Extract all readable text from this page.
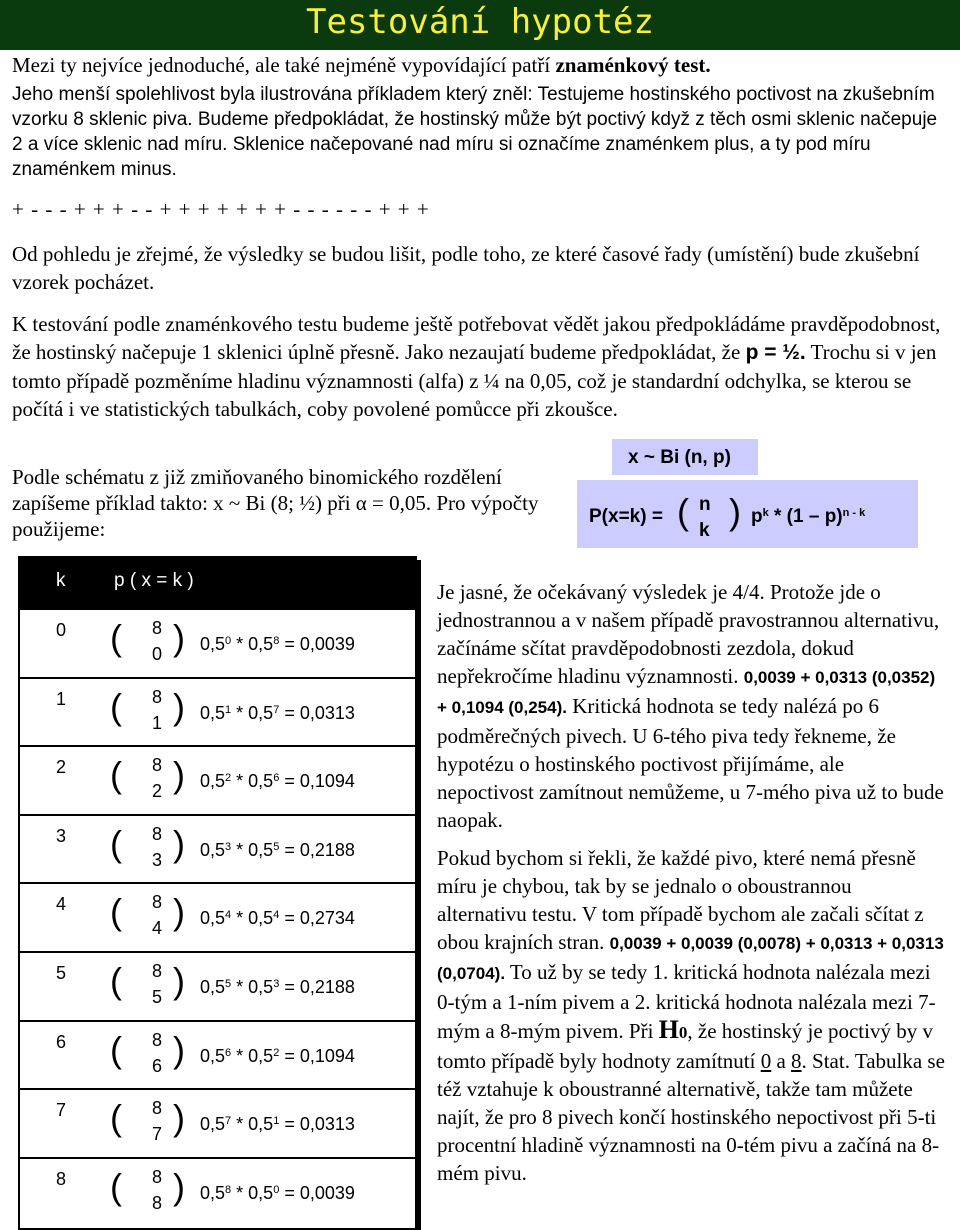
Testování hypotéz
Mezi ty nejvíce jednoduché, ale také nejméně vypovídající patří znaménkový test.
Jeho menší spolehlivost byla ilustrována příkladem který zněl: Testujeme hostinského poctivost na zkušebním vzorku 8 sklenic piva. Budeme předpokládat, že hostinský může být poctivý když z těch osmi sklenic načepuje 2 a více sklenic nad míru. Sklenice načepované nad míru si označíme znaménkem plus, a ty pod míru znaménkem minus.
+ - - - + + + - - + + + + + + + - - - - - - + + +
Od pohledu je zřejmé, že výsledky se budou lišit, podle toho, ze které časové řady (umístění) bude zkušební vzorek pocházet.
K testování podle znaménkového testu budeme ještě potřebovat vědět jakou předpokládáme pravděpodobnost, že hostinský načepuje 1 sklenici úplně přesně. Jako nezaujatí budeme předpokládat, že p = ½. Trochu si v jen tomto případě pozměníme hladinu významnosti (alfa) z ¼ na 0,05, což je standardní odchylka, se kterou se počítá i ve statistických tabulkách, coby povolené pomůcce při zkoušce.
Podle schématu z již zmiňovaného binomického rozdělení zapíšeme příklad takto: x ~ Bi (8; ½) při α = 0,05. Pro výpočty použijeme:
x ~ Bi (n, p)
P(x=k) = ( n
k ) $p^k * (1 - p)^{n - k}$
k	p ( x = k )
0 ( 8
0 ) $0,5^0 * 0,5^8 = 0,0039$
1 ( 8
1 ) $0,5^1 * 0,5^7 = 0,0313$
2 ( 8
2 ) $0,5^2 * 0,5^6 = 0,1094$
3 ( 8
3 ) $0,5^3 * 0,5^5 = 0,2188$
4 ( 8
4 ) $0,5^4 * 0,5^4 = 0,2734$
5 ( 8
5 ) $0,5^5 * 0,5^3 = 0,2188$
6 ( 8
6 ) $0,5^6 * 0,5^2 = 0,1094$
7 ( 8
7 ) $0,5^7 * 0,5^1 = 0,0313$
8 ( 8
8 ) $0,5^8 * 0,5^0 = 0,0039$
Je jasné, že očekávaný výsledek je 4/4. Protože jde o jednostrannou a v našem případě pravostrannou alternativu, začínáme sčítat pravděpodobnosti zezdola, dokud nepřekročíme hladinu významnosti. 0,0039 + 0,0313 (0,0352) + 0,1094 (0,254). Kritická hodnota se tedy nalézá po 6 podměrečných pivech. U 6-tého piva tedy řekneme, že hypotézu o hostinského poctivost přijímáme, ale nepoctivost zamítnout nemůžeme, u 7-mého piva už to bude naopak.
Pokud bychom si řekli, že každé pivo, které nemá přesně míru je chybou, tak by se jednalo o oboustrannou alternativu testu. V tom případě bychom ale začali sčítat z obou krajních stran. 0,0039 + 0,0039 (0,0078) + 0,0313 + 0,0313 (0,0704). To už by se tedy 1. kritická hodnota nalézala mezi 0-tým a 1-ním pivem a 2. kritická hodnota nalézala mezi 7-mým a 8-mým pivem. Při H0, že hostinský je poctivý by v tomto případě byly hodnoty zamítnutí 0 a 8. Stat. Tabulka se též vztahuje k oboustranné alternativě, takže tam můžete najít, že pro 8 pivech končí hostinského nepoctivost při 5-ti procentní hladině významnosti na 0-tém pivu a začíná na 8-mém pivu.
